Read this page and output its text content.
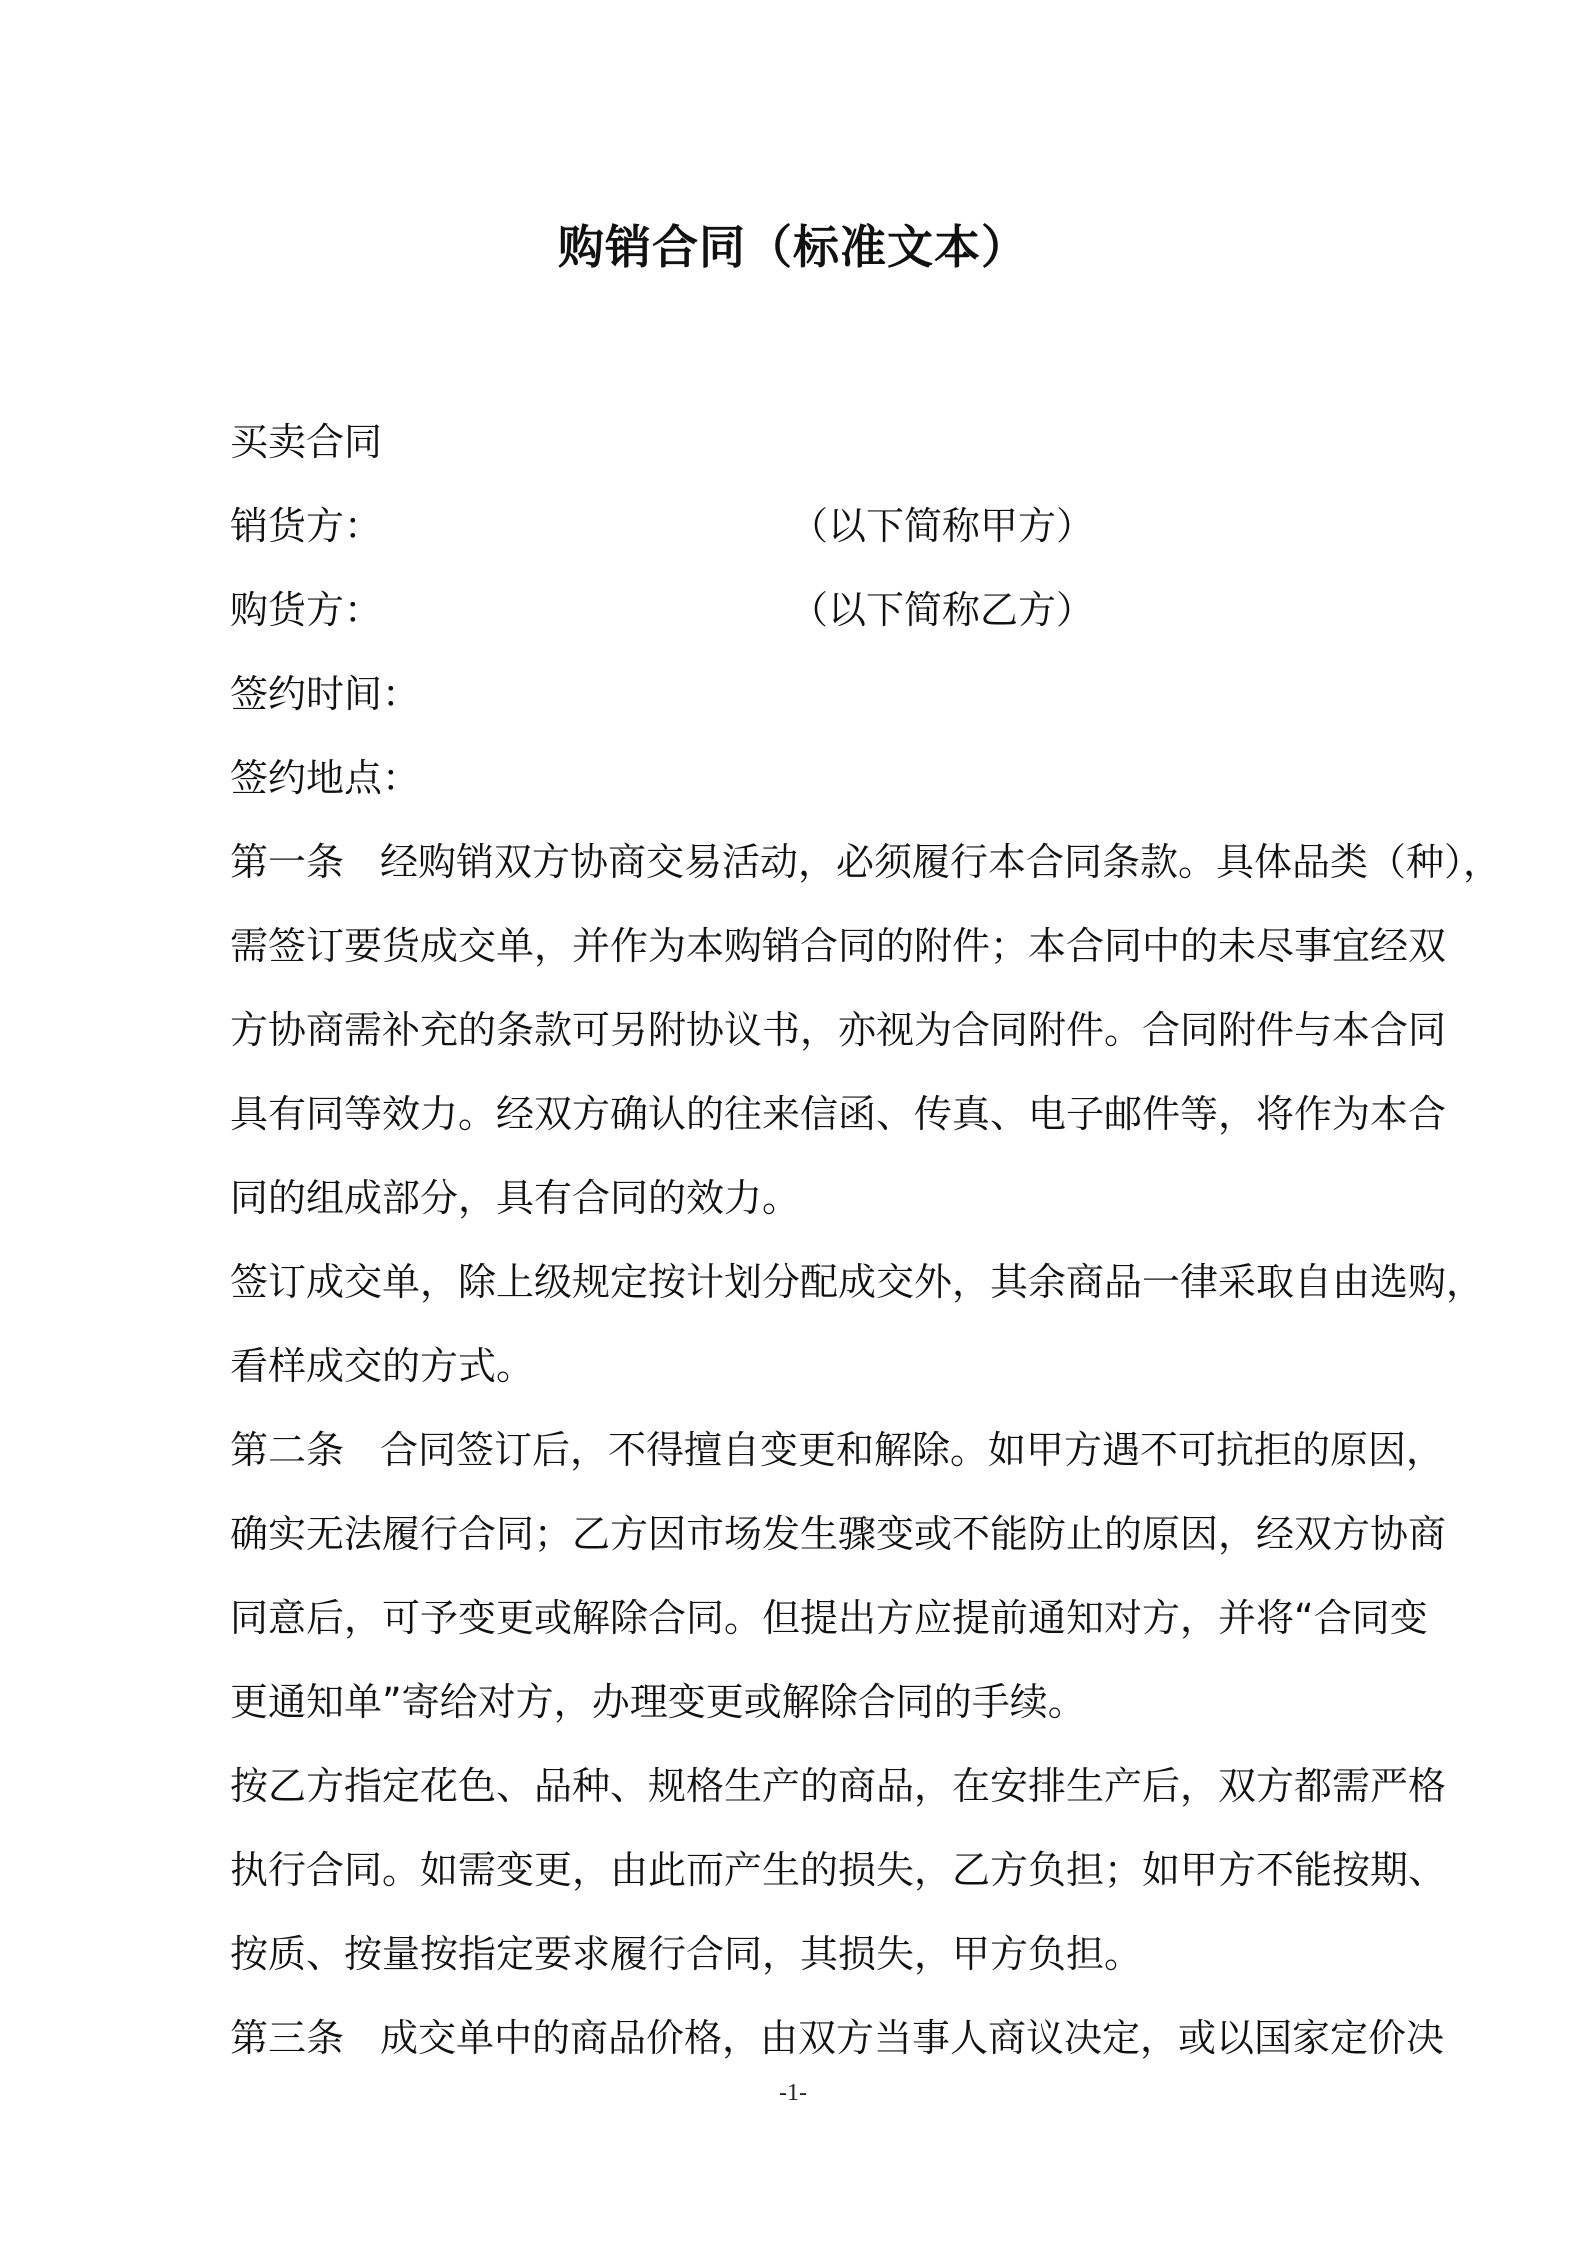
购销合同（标准文本）
买卖合同
销货方：	（以下简称甲方）
购货方：	（以下简称乙方）
签约时间：
签约地点：
第一条 经购销双方协商交易活动，必须履行本合同条款。具体品类（种），
需签订要货成交单，并作为本购销合同的附件；本合同中的未尽事宜经双
方协商需补充的条款可另附协议书，亦视为合同附件。合同附件与本合同
具有同等效力。经双方确认的往来信函、传真、电子邮件等，将作为本合
同的组成部分，具有合同的效力。
签订成交单，除上级规定按计划分配成交外，其余商品一律采取自由选购，
看样成交的方式。
第二条 合同签订后，不得擅自变更和解除。如甲方遇不可抗拒的原因，
确实无法履行合同；乙方因市场发生骤变或不能防止的原因，经双方协商
同意后，可予变更或解除合同。但提出方应提前通知对方，并将“合同变
更通知单”寄给对方，办理变更或解除合同的手续。
按乙方指定花色、品种、规格生产的商品，在安排生产后，双方都需严格
执行合同。如需变更，由此而产生的损失，乙方负担；如甲方不能按期、
按质、按量按指定要求履行合同，其损失，甲方负担。
第三条 成交单中的商品价格，由双方当事人商议决定，或以国家定价决
-1-
